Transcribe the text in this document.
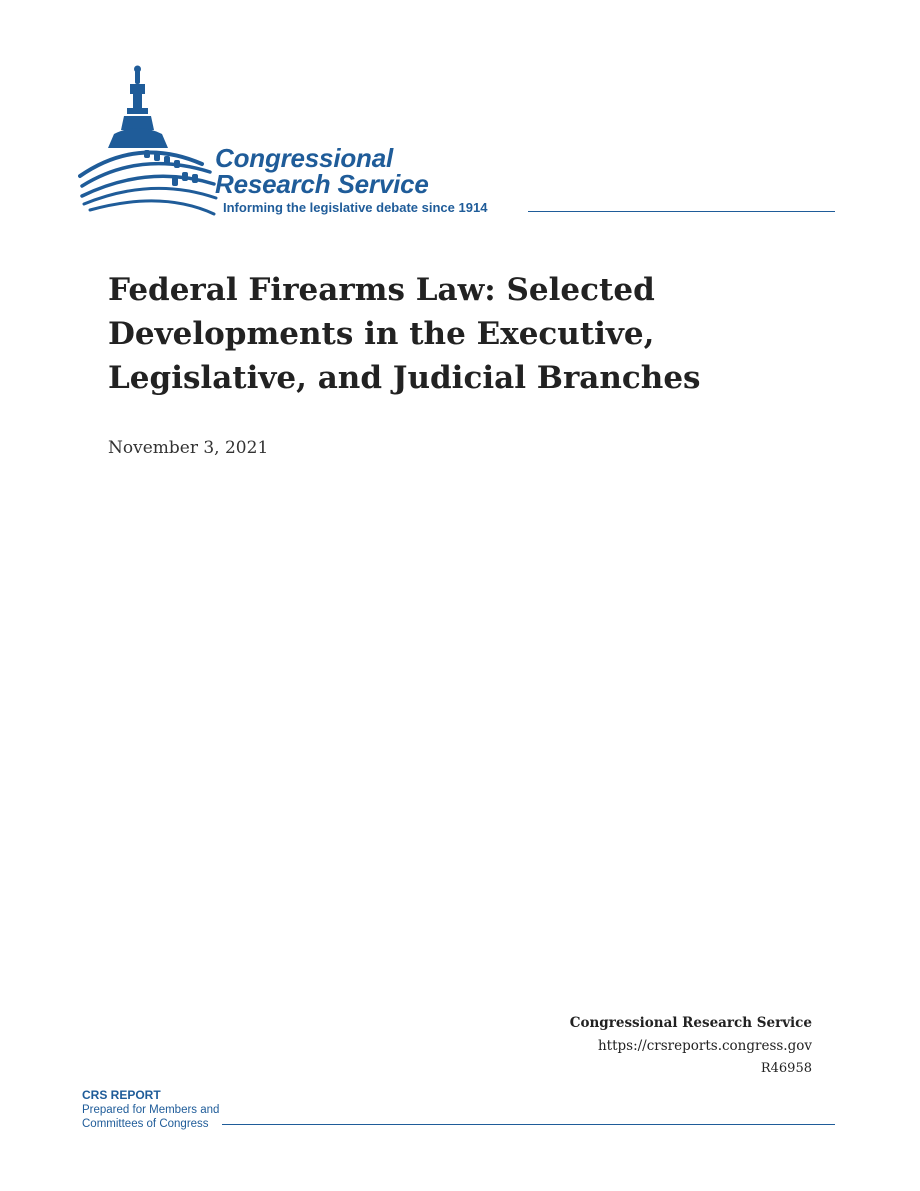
Congressional
Research Service
Informing the legislative debate since 1914
Federal Firearms Law: Selected Developments in the Executive, Legislative, and Judicial Branches
November 3, 2021
Congressional Research Service
https://crsreports.congress.gov
R46958
CRS REPORT
Prepared for Members and
Committees of Congress
